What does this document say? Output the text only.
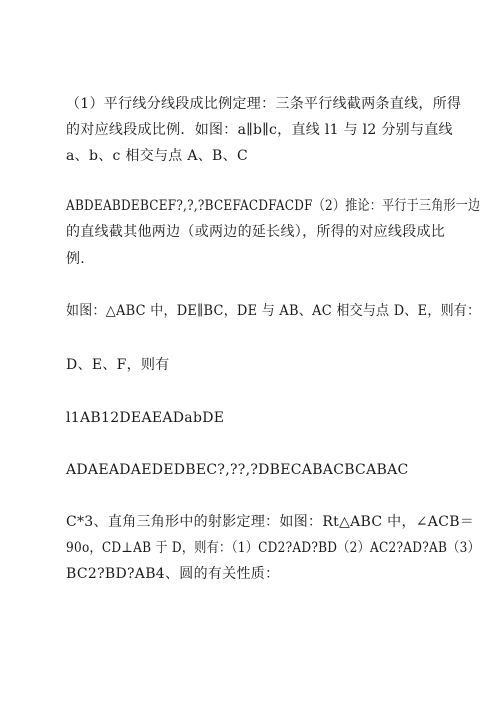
（1）平行线分线段成比例定理：三条平行线截两条直线，所得
的对应线段成比例．如图：a∥b∥c，直线 l1 与 l2 分别与直线
a、b、c 相交与点 A、B、C
ABDEABDEBCEF?,?,?BCEFACDFACDF（2）推论：平行于三角形一边
的直线截其他两边（或两边的延长线），所得的对应线段成比
例.
如图：△ABC 中，DE∥BC，DE 与 AB、AC 相交与点 D、E，则有：
D、E、F，则有
l1AB12DEAEADabDE
ADAEADAEDEDBEC?,??,?DBECABACBCABAC
C*3、直角三角形中的射影定理：如图：Rt△ABC 中，∠ACB＝
90o，CD⊥AB 于 D，则有：（1）CD2?AD?BD（2）AC2?AD?AB（3）
BC2?BD?AB4、圆的有关性质：
